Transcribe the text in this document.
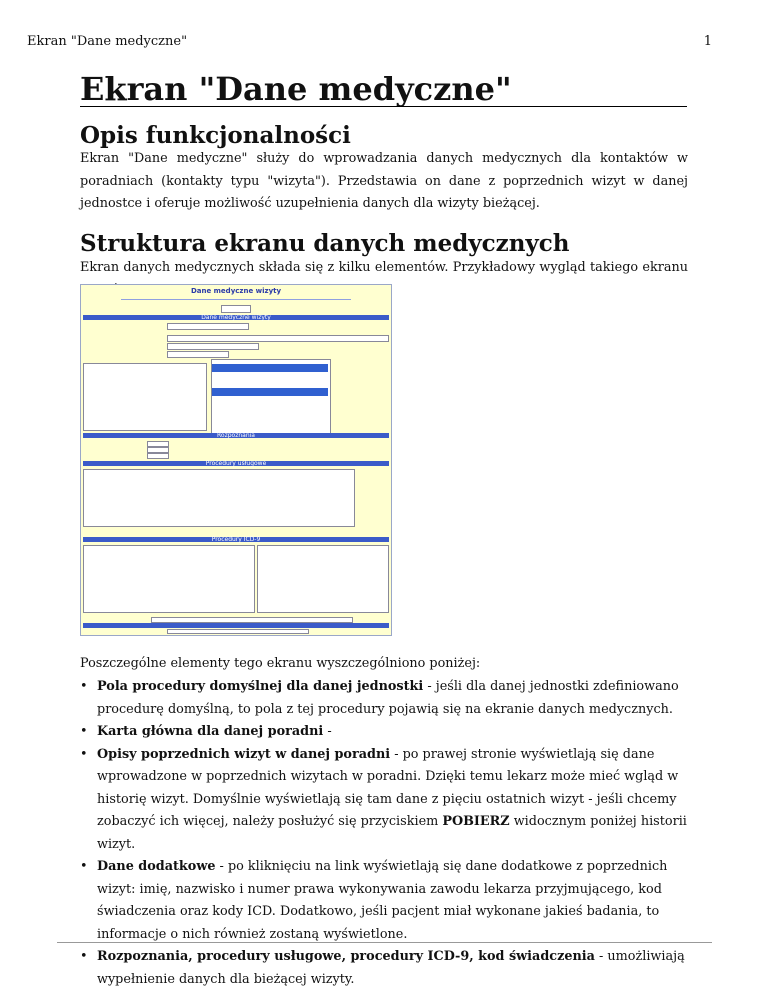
Ekran "Dane medyczne"	1
Ekran "Dane medyczne"
Opis funkcjonalności
Ekran "Dane medyczne" służy do wprowadzania danych medycznych dla kontaktów w poradniach (kontakty typu "wizyta"). Przedstawia on dane z poprzednich wizyt w danej jednostce i oferuje możliwość uzupełnienia danych dla wizyty bieżącej.
Struktura ekranu danych medycznych
Ekran danych medycznych składa się z kilku elementów. Przykładowy wygląd takiego ekranu
Dane medyczne wizyty
Dane medyczne wizyty
Rozpoznania
Procedury usługowe
Procedury ICD-9
Poszczególne elementy tego ekranu wyszczególniono poniżej:
• Pola procedury domyślnej dla danej jednostki - jeśli dla danej jednostki zdefiniowano procedurę domyślną, to pola z tej procedury pojawią się na ekranie danych medycznych.
• Karta główna dla danej poradni -
• Opisy poprzednich wizyt w danej poradni - po prawej stronie wyświetlają się dane wprowadzone w poprzednich wizytach w poradni. Dzięki temu lekarz może mieć wgląd w historię wizyt. Domyślnie wyświetlają się tam dane z pięciu ostatnich wizyt - jeśli chcemy zobaczyć ich więcej, należy posłużyć się przyciskiem POBIERZ widocznym poniżej historii wizyt.
• Dane dodatkowe - po kliknięciu na link wyświetlają się dane dodatkowe z poprzednich wizyt: imię, nazwisko i numer prawa wykonywania zawodu lekarza przyjmującego, kod świadczenia oraz kody ICD. Dodatkowo, jeśli pacjent miał wykonane jakieś badania, to informacje o nich również zostaną wyświetlone.
• Rozpoznania, procedury usługowe, procedury ICD-9, kod świadczenia - umożliwiają wypełnienie danych dla bieżącej wizyty.
